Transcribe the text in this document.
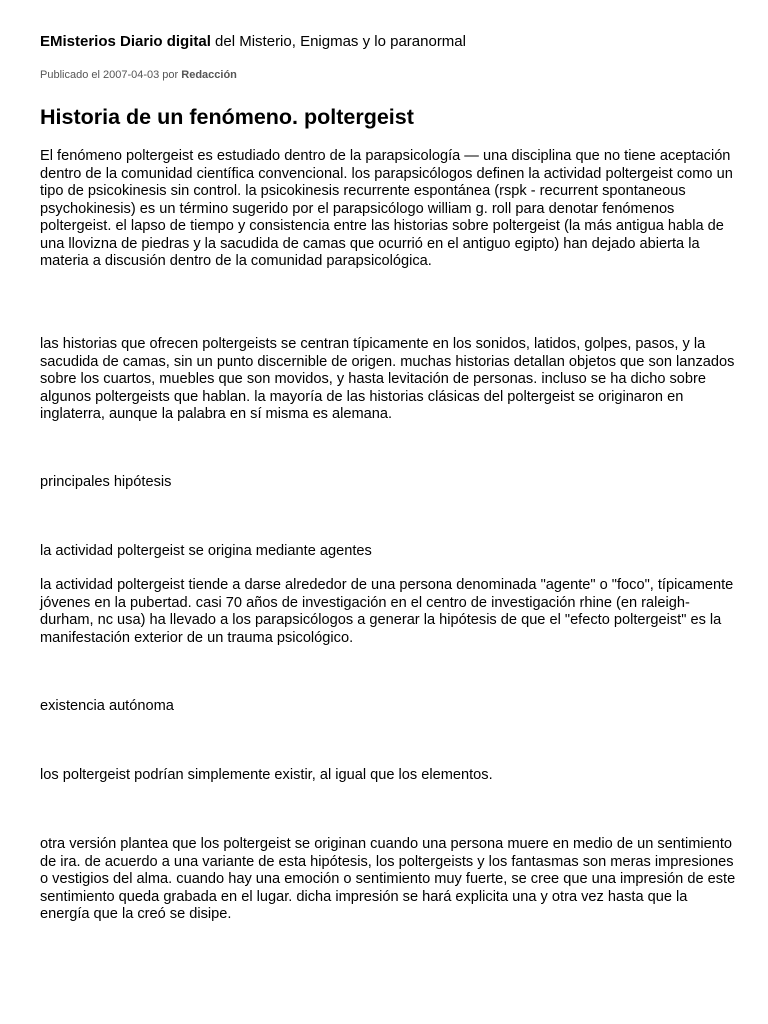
EMisterios Diario digital del Misterio, Enigmas y lo paranormal
Publicado el 2007-04-03 por Redacción
Historia de un fenómeno. poltergeist

El fenómeno poltergeist es estudiado dentro de la parapsicología — una disciplina que no tiene aceptación dentro de la comunidad científica convencional. los parapsicólogos definen la actividad poltergeist como un tipo de psicokinesis sin control. la psicokinesis recurrente espontánea (rspk - recurrent spontaneous psychokinesis) es un término sugerido por el parapsicólogo william g. roll para denotar fenómenos poltergeist. el lapso de tiempo y consistencia entre las historias sobre poltergeist (la más antigua habla de una llovizna de piedras y la sacudida de camas que ocurrió en el antiguo egipto) han dejado abierta la materia a discusión dentro de la comunidad parapsicológica.

las historias que ofrecen poltergeists se centran típicamente en los sonidos, latidos, golpes, pasos, y la sacudida de camas, sin un punto discernible de origen. muchas historias detallan objetos que son lanzados sobre los cuartos, muebles que son movidos, y hasta levitación de personas. incluso se ha dicho sobre algunos poltergeists que hablan. la mayoría de las historias clásicas del poltergeist se originaron en inglaterra, aunque la palabra en sí misma es alemana.

principales hipótesis

la actividad poltergeist se origina mediante agentes

la actividad poltergeist tiende a darse alrededor de una persona denominada "agente" o "foco", típicamente jóvenes en la pubertad. casi 70 años de investigación en el centro de investigación rhine (en raleigh-durham, nc usa) ha llevado a los parapsicólogos a generar la hipótesis de que el "efecto poltergeist" es la manifestación exterior de un trauma psicológico.

existencia autónoma

los poltergeist podrían simplemente existir, al igual que los elementos.

otra versión plantea que los poltergeist se originan cuando una persona muere en medio de un sentimiento de ira. de acuerdo a una variante de esta hipótesis, los poltergeists y los fantasmas son meras impresiones o vestigios del alma. cuando hay una emoción o sentimiento muy fuerte, se cree que una impresión de este sentimiento queda grabada en el lugar. dicha impresión se hará explicita una y otra vez hasta que la energía que la creó se disipe.
